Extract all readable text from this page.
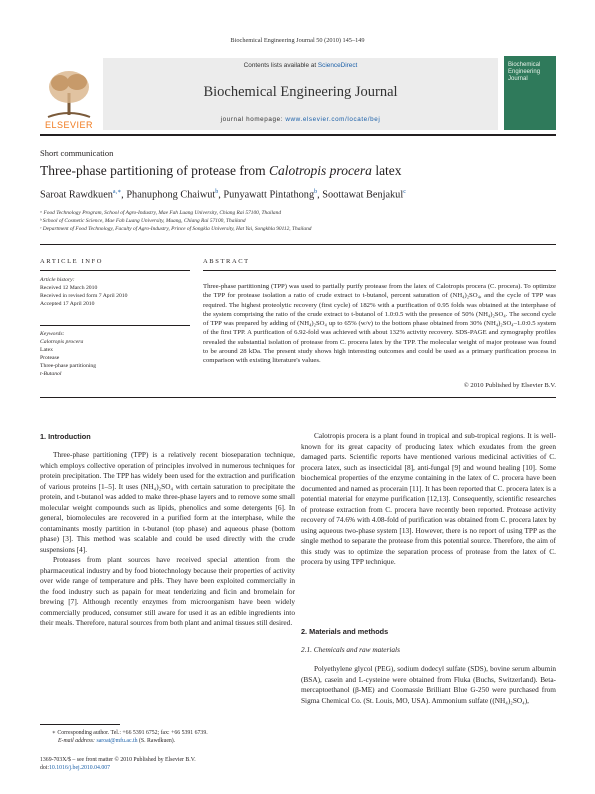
Biochemical Engineering Journal 50 (2010) 145–149
ELSEVIER
Contents lists available at ScienceDirect
Biochemical Engineering Journal
journal homepage: www.elsevier.com/locate/bej
Biochemical Engineering Journal
Short communication
Three-phase partitioning of protease from Calotropis procera latex
Saroat Rawdkuen$^{a,∗}$, Phanuphong Chaiwut$^b$, Punyawatt Pintathong$^b$, Soottawat Benjakul$^c$
ᵃ Food Technology Program, School of Agro-Industry, Mae Fah Luang University, Chiang Rai 57100, Thailand
ᵇ School of Cosmetic Science, Mae Fah Luang University, Muang, Chiang Rai 57100, Thailand
ᶜ Department of Food Technology, Faculty of Agro-Industry, Prince of Songkla University, Hat Yai, Songkhla 90112, Thailand
ARTICLE INFO
Article history:
Received 12 March 2010
Received in revised form 7 April 2010
Accepted 17 April 2010
Keywords:
Calotropis procera
Latex
Protease
Three-phase partitioning
t-Butanol
ABSTRACT
Three-phase partitioning (TPP) was used to partially purify protease from the latex of Calotropis procera (C. procera). To optimize the TPP for protease isolation a ratio of crude extract to t-butanol, percent saturation of (NH₄)₂SO₄, and the cycle of TPP was required. The highest proteolytic recovery (first cycle) of 182% with a purification of 0.95 folds was obtained at the interphase of the system comprising the ratio of the crude extract to t-butanol of 1.0:0.5 with the presence of 50% (NH₄)₂SO₄. The second cycle of TPP was prepared by adding of (NH₄)₂SO₄ up to 65% (w/v) to the bottom phase obtained from 30% (NH₄)₂SO₄–1.0:0.5 system of the first TPP. A purification of 6.92-fold was achieved with about 132% activity recovery. SDS-PAGE and zymography profiles revealed the substantial isolation of protease from C. procera latex by the TPP. The molecular weight of major protease was found to be around 28 kDa. The present study shows high interesting outcomes and could be used as a primary purification process in comparison with existing literature's values.
© 2010 Published by Elsevier B.V.
1. Introduction

Three-phase partitioning (TPP) is a relatively recent bioseparation technique, which employs collective operation of principles involved in numerous techniques for protein precipitation. The TPP has widely been used for the extraction and purification of various proteins [1–5]. It uses (NH₄)₂SO₄ with certain saturation to precipitate the protein, and t-butanol was added to make three-phase layers and to remove some small molecular weight compounds such as lipids, phenolics and some detergents [6]. In general, biomolecules are recovered in a purified form at the interphase, while the contaminants mostly partition in t-butanol (top phase) and aqueous phase (bottom phase) [3]. This method was scalable and could be used directly with the crude suspensions [4].

Proteases from plant sources have received special attention from the pharmaceutical industry and by food biotechnology because their properties of activity over wide range of temperature and pHs. They have been exploited commercially in the food industry such as papain for meat tenderizing and ficin and bromelain for brewing [7]. Although recently enzymes from microorganism have been widely commercially produced, consumer still aware for used it as an edible ingredients into their meals. Therefore, natural sources from both plant and animal tissues still desired.

Calotropis procera is a plant found in tropical and sub-tropical regions. It is well-known for its great capacity of producing latex which exudates from the green damaged parts. Scientific reports have mentioned various medicinal activities of C. procera latex, such as insecticidal [8], anti-fungal [9] and wound healing [10]. Some biochemical properties of the enzyme containing in the latex of C. procera have been documented and named as procerain [11]. It has been reported that C. procera latex is a potential material for enzyme purification [12,13]. Consequently, scientific researches of protease extraction from C. procera have recently been reported. Protease activity recovery of 74.6% with 4.08-fold of purification was obtained from C. procera latex by using aqueous two-phase system [13]. However, there is no report of using TPP as the single method to separate the protease from this potential source. Therefore, the aim of this study was to optimize the separation process of protease from the latex of C. procera by using TPP technique.

2. Materials and methods
2.1. Chemicals and raw materials

Polyethylene glycol (PEG), sodium dodecyl sulfate (SDS), bovine serum albumin (BSA), casein and L-cysteine were obtained from Fluka (Buchs, Switzerland). Beta-mercaptoethanol (β-ME) and Coomassie Brilliant Blue G-250 were purchased from Sigma Chemical Co. (St. Louis, MO, USA). Ammonium sulfate ((NH₄)₂SO₄),

∗ Corresponding author. Tel.: +66 5391 6752; fax: +66 5391 6739.
E-mail address: saroat@mfu.ac.th (S. Rawdkuen).
1369-703X/$ – see front matter © 2010 Published by Elsevier B.V.
doi:10.1016/j.bej.2010.04.007
